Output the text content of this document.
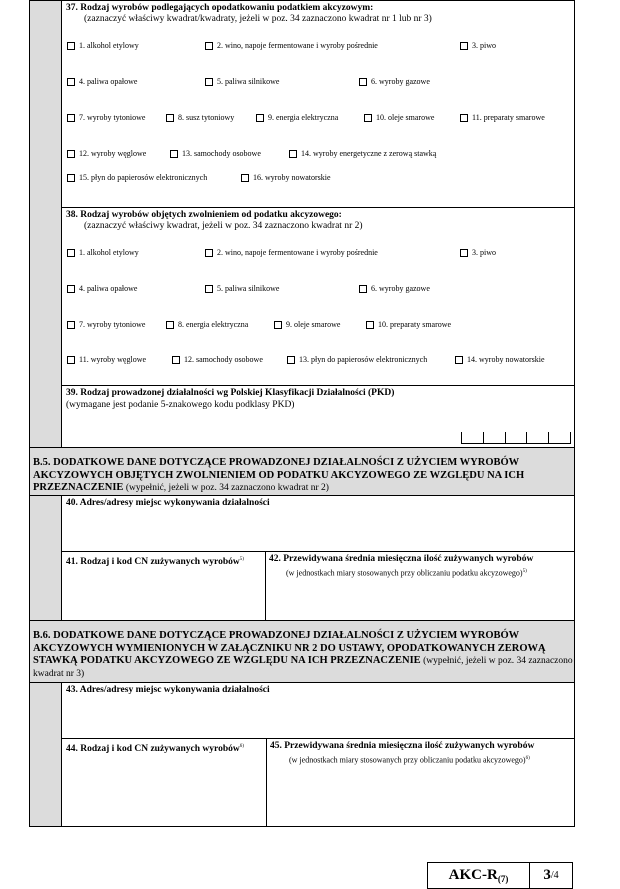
37. Rodzaj wyrobów podlegających opodatkowaniu podatkiem akcyzowym:
(zaznaczyć właściwy kwadrat/kwadraty, jeżeli w poz. 34 zaznaczono kwadrat nr 1 lub nr 3)
1. alkohol etylowy	2. wino, napoje fermentowane i wyroby pośrednie	3. piwo
4. paliwa opałowe	5. paliwa silnikowe	6. wyroby gazowe
7. wyroby tytoniowe	8. susz tytoniowy	9. energia elektryczna	10. oleje smarowe	11. preparaty smarowe
12. wyroby węglowe	13. samochody osobowe	14. wyroby energetyczne z zerową stawką
15. płyn do papierosów elektronicznych	16. wyroby nowatorskie
38. Rodzaj wyrobów objętych zwolnieniem od podatku akcyzowego:
(zaznaczyć właściwy kwadrat, jeżeli w poz. 34 zaznaczono kwadrat nr 2)
1. alkohol etylowy	2. wino, napoje fermentowane i wyroby pośrednie	3. piwo
4. paliwa opałowe	5. paliwa silnikowe	6. wyroby gazowe
7. wyroby tytoniowe	8. energia elektryczna	9. oleje smarowe	10. preparaty smarowe
11. wyroby węglowe	12. samochody osobowe	13. płyn do papierosów elektronicznych	14. wyroby nowatorskie
39. Rodzaj prowadzonej działalności wg Polskiej Klasyfikacji Działalności (PKD)
(wymagane jest podanie 5-znakowego kodu podklasy PKD)
B.5. DODATKOWE DANE DOTYCZĄCE PROWADZONEJ DZIAŁALNOŚCI Z UŻYCIEM WYROBÓW AKCYZOWYCH OBJĘTYCH ZWOLNIENIEM OD PODATKU AKCYZOWEGO ZE WZGLĘDU NA ICH PRZEZNACZENIE (wypełnić, jeżeli w poz. 34 zaznaczono kwadrat nr 2)
40. Adres/adresy miejsc wykonywania działalności
41. Rodzaj i kod CN zużywanych wyrobów$^{5)}$	42. Przewidywana średnia miesięczna ilość zużywanych wyrobów
(w jednostkach miary stosowanych przy obliczaniu podatku akcyzowego)$^{5)}$
B.6. DODATKOWE DANE DOTYCZĄCE PROWADZONEJ DZIAŁALNOŚCI Z UŻYCIEM WYROBÓW AKCYZOWYCH WYMIENIONYCH W ZAŁĄCZNIKU NR 2 DO USTAWY, OPODATKOWANYCH ZEROWĄ STAWKĄ PODATKU AKCYZOWEGO ZE WZGLĘDU NA ICH PRZEZNACZENIE (wypełnić, jeżeli w poz. 34 zaznaczono kwadrat nr 3)
43. Adres/adresy miejsc wykonywania działalności
44. Rodzaj i kod CN zużywanych wyrobów$^{6)}$	45. Przewidywana średnia miesięczna ilość zużywanych wyrobów
(w jednostkach miary stosowanych przy obliczaniu podatku akcyzowego)$^{6)}$
AKC-R (7) 3 /4
